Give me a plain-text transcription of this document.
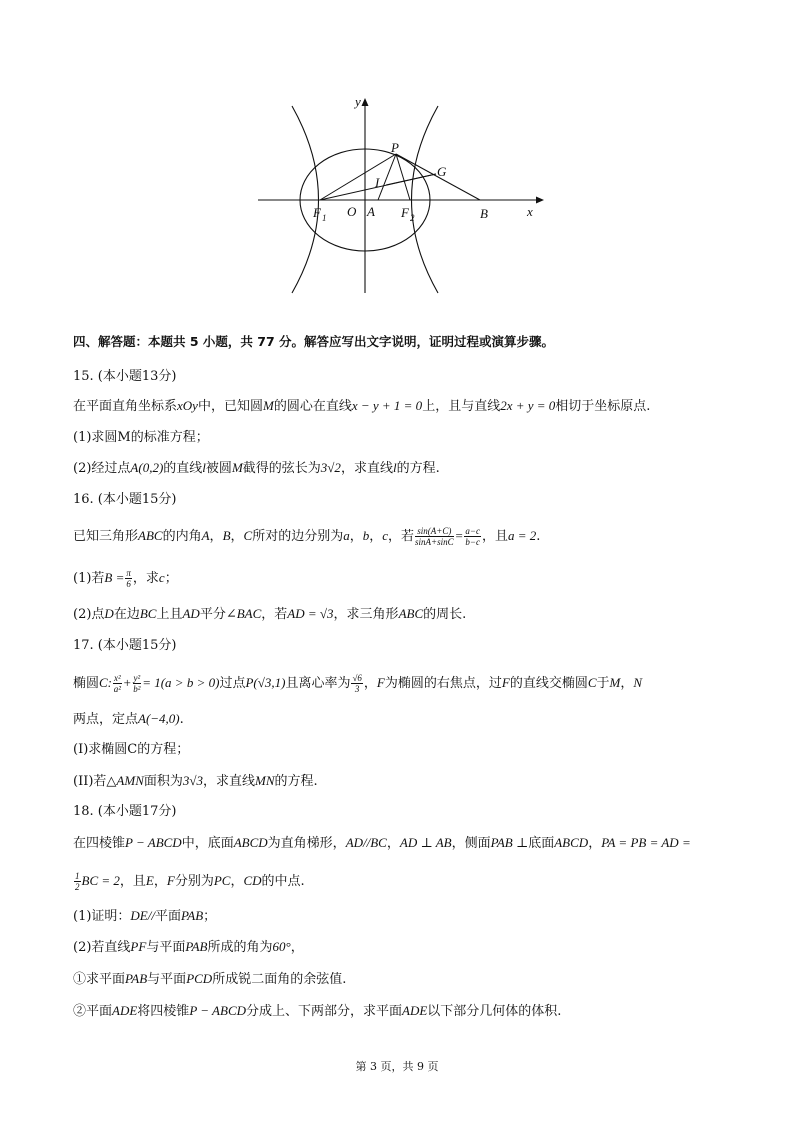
y
x
P
G
I
F 1 O A F 2	B
四、解答题：本题共 5 小题，共 77 分。解答应写出文字说明，证明过程或演算步骤。
15. (本小题13分)
在平面直角坐标系xOy中，已知圆M的圆心在直线x − y + 1 = 0上，且与直线2x + y = 0相切于坐标原点.
(1)求圆M的标准方程；
(2)经过点A(0,2)的直线l被圆M截得的弦长为3√2，求直线l的方程.
16. (本小题15分)
已知三角形ABC的内角A，B，C所对的边分别为a，b，c，若 $\frac{\sin(A+C)}{\sin A+\sin C} = \frac{a-c}{b-c}$ ，且a = 2.
(1)若$B = \frac{\pi}{6}$ ，求c；
(2)点D在边BC上且AD平分∠BAC，若AD = √3，求三角形ABC的周长.
17. (本小题15分)
椭圆C: $\frac{\text{x²}}{\text{a²}} + \frac{\text{y²}}{\text{b²}} = 1(a > b > 0)$过点P(√3,1)且离心率为 $\frac{√6}{3}$ ，F为椭圆的右焦点，过F的直线交椭圆C于M，N
两点，定点A(−4,0).
(I)求椭圆C的方程；
(II)若△AMN面积为3√3，求直线MN的方程.
18. (本小题17分)
在四棱锥P − ABCD中，底面ABCD为直角梯形，AD//BC，AD ⊥ AB，侧面PAB ⊥底面ABCD，PA = PB = AD =
$\frac{1}{2}$ BC = 2，且E，F分别为PC，CD的中点.
(1)证明：DE//平面PAB；
(2)若直线PF与平面PAB所成的角为60°，
①求平面PAB与平面PCD所成锐二面角的余弦值.
②平面ADE将四棱锥P − ABCD分成上、下两部分，求平面ADE以下部分几何体的体积.
第 3 页，共 9 页
